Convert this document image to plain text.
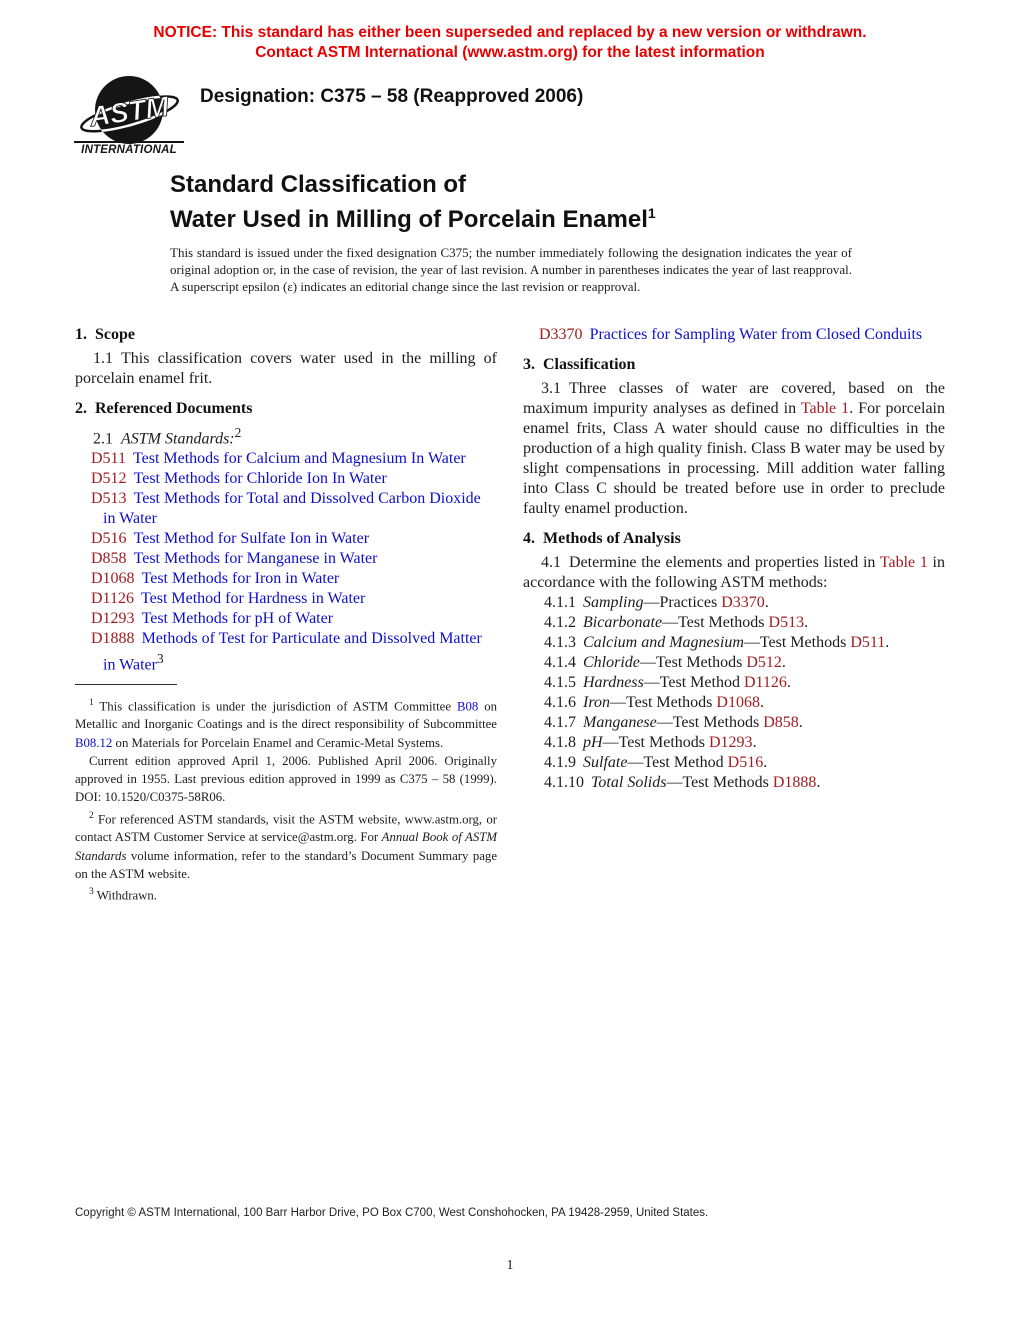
NOTICE: This standard has either been superseded and replaced by a new version or withdrawn.
Contact ASTM International (www.astm.org) for the latest information
ASTM
INTERNATIONAL
Designation: C375 – 58 (Reapproved 2006)
Standard Classification of
Water Used in Milling of Porcelain Enamel$^1$
This standard is issued under the fixed designation C375; the number immediately following the designation indicates the year of original adoption or, in the case of revision, the year of last revision. A number in parentheses indicates the year of last reapproval. A superscript epsilon (ε) indicates an editorial change since the last revision or reapproval.
1. Scope

1.1 This classification covers water used in the milling of porcelain enamel frit.

2. Referenced Documents

2.1 ASTM Standards:$^2$

D511 Test Methods for Calcium and Magnesium In Water
D512 Test Methods for Chloride Ion In Water
D513 Test Methods for Total and Dissolved Carbon Dioxide in Water
D516 Test Method for Sulfate Ion in Water
D858 Test Methods for Manganese in Water
D1068 Test Methods for Iron in Water
D1126 Test Method for Hardness in Water
D1293 Test Methods for pH of Water
D1888 Methods of Test for Particulate and Dissolved Matter in Water$^3$

$^1$ This classification is under the jurisdiction of ASTM Committee B08 on Metallic and Inorganic Coatings and is the direct responsibility of Subcommittee B08.12 on Materials for Porcelain Enamel and Ceramic-Metal Systems.

Current edition approved April 1, 2006. Published April 2006. Originally approved in 1955. Last previous edition approved in 1999 as C375 – 58 (1999). DOI: 10.1520/C0375-58R06.

$^2$ For referenced ASTM standards, visit the ASTM website, www.astm.org, or contact ASTM Customer Service at service@astm.org. For Annual Book of ASTM Standards volume information, refer to the standard’s Document Summary page on the ASTM website.

$^3$ Withdrawn.

D3370 Practices for Sampling Water from Closed Conduits
3. Classification

3.1 Three classes of water are covered, based on the maximum impurity analyses as defined in Table 1. For porcelain enamel frits, Class A water should cause no difficulties in the production of a high quality finish. Class B water may be used by slight compensations in processing. Mill addition water falling into Class C should be treated before use in order to preclude faulty enamel production.

4. Methods of Analysis

4.1 Determine the elements and properties listed in Table 1 in accordance with the following ASTM methods:

4.1.1 Sampling—Practices D3370.
4.1.2 Bicarbonate—Test Methods D513.
4.1.3 Calcium and Magnesium—Test Methods D511.
4.1.4 Chloride—Test Methods D512.
4.1.5 Hardness—Test Method D1126.
4.1.6 Iron—Test Methods D1068.
4.1.7 Manganese—Test Methods D858.
4.1.8 pH—Test Methods D1293.
4.1.9 Sulfate—Test Method D516.
4.1.10 Total Solids—Test Methods D1888.
Copyright © ASTM International, 100 Barr Harbor Drive, PO Box C700, West Conshohocken, PA 19428-2959, United States.
1
